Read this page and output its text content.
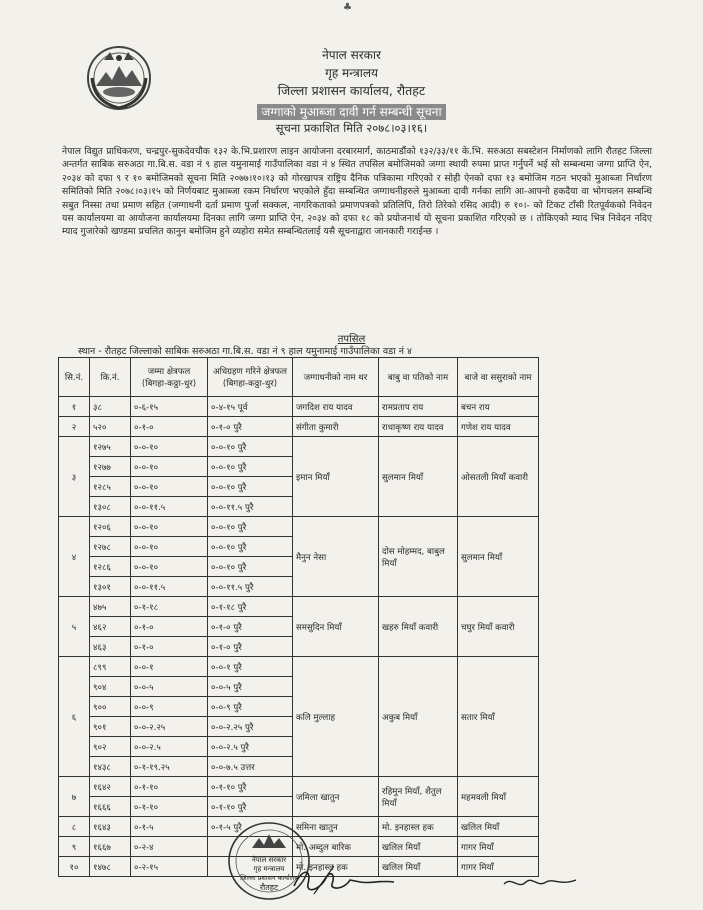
♣
नेपाल सरकार
गृह मन्त्रालय
जिल्ला प्रशासन कार्यालय, रौतहट
जग्गाको मुआब्जा दावी गर्न सम्बन्धी सूचना
सूचना प्रकाशित मिति २०७८।०३।१६।
नेपाल विद्युत प्राधिकरण, चन्द्रपुर-सुकदेवचौक १३२ के.भि.प्रशारण लाइन आयोजना दरबारमार्ग, काठमाडौंको १३२/३३/११ के.भि. सरुअठा सबस्टेशन निर्माणको लागि रौतहट जिल्ला अन्तर्गत साबिक सरुअठा गा.बि.स. वडा नं ९ हाल यमुनामाई गाउँपालिका वडा नं ४ स्थित तपसिल बमोजिमको जग्गा स्थायी रुपमा प्राप्त गर्नुपर्ने भई सो सम्बन्धमा जग्गा प्राप्ति ऐन, २०३४ को दफा ९ र १० बमोजिमको सूचना मिति २०७७।१०।१३ को गोरखापत्र राष्ट्रिय दैनिक पत्रिकामा गरिएको र सोही ऐनको दफा १३ बमोजिम गठन भएको मुआब्जा निर्धारण समितिको मिति २०७८।०३।१५ को निर्णयबाट मुआब्जा रकम निर्धारण भएकोले हुँदा सम्बन्धित जग्गाधनीहरुले मुआब्जा दावी गर्नका लागि आ-आफ्नो हकदैया वा भोगचलन सम्बन्धि सबुत निस्सा तथा प्रमाण सहित (जग्गाधनी दर्ता प्रमाण पुर्जा सक्कल, नागरिकताको प्रमाणपत्रको प्रतिलिपि, तिरो तिरेको रसिद आदी) रु १०।- को टिकट टाँसी रितपूर्वकको निवेदन यस कार्यालयमा वा आयोजना कार्यालयमा दिनका लागि जग्गा प्राप्ति ऐन, २०३४ को दफा १८ को प्रयोजनार्थ यो सूचना प्रकाशित गरिएको छ । तोकिएको म्याद भित्र निवेदन नदिए म्याद गुजारेको खण्डमा प्रचलित कानुन बमोजिम हुने व्यहोरा समेत सम्बन्धितलाई यसै सूचनाद्वारा जानकारी गराईन्छ ।
तपसिल
स्थान - रौतहट जिल्लाको साबिक सरुअठा गा.बि.स. वडा नं ९ हाल यमुनामाई गाउँपालिका वडा नं ४
सि.नं.	कि.नं.	जम्मा क्षेत्रफल (बिगहा-कठ्ठा-धुर)	अधिग्रहण गरिने क्षेत्रफल (बिगहा-कठ्ठा-धुर)	जग्गाधनीको नाम थर	बाबु वा पतिको नाम	बाजे वा ससुराको नाम
१	३८	०-६-१५	०-४-१५ पूर्व	जगदिश राय यादव	रामप्रताप राय	बचन राय
२	५२०	०-१-०	०-१-० पुरै	संगीता कुमारी	राधाकृष्ण राय यादव	गणेश राय यादव
३	१२७५	०-०-१०	०-०-१० पुरै	इमान मियाँ	सुलमान मियाँ	ओसतली मियाँ कवारी
	१२७७	०-०-१०	०-०-१० पुरै			
	१२८५	०-०-१०	०-०-१० पुरै			
	१३०८	०-०-११.५	०-०-११.५ पुरै			
४	१२०६	०-०-१०	०-०-१० पुरै	मैनुन नेसा	दोस मोहम्मद, बाबुल मियाँ	सुलमान मियाँ
	१२७८	०-०-१०	०-०-१० पुरै			
	१२८६	०-०-१०	०-०-१० पुरै			
	१३०१	०-०-११.५	०-०-११.५ पुरै			
५	४७५	०-१-१८	०-१-१८ पुरै	समसुदिन मियाँ	खहरु मियाँ कवारी	चघुर मियाँ कवारी
	४६२	०-१-०	०-१-० पुरै			
	४६३	०-१-०	०-१-० पुरै			
६	८९९	०-०-१	०-०-१ पुरै	कलि मुल्लाह	अकुब मियाँ	सतार मियाँ
	९०४	०-०-५	०-०-५ पुरै			
	९००	०-०-९	०-०-९ पुरै			
	९०१	०-०-२.२५	०-०-२.२५ पुरै			
	९०२	०-०-२.५	०-०-२.५ पुरै			
	१४३८	०-१-१९.२५	०-०-७.५ उत्तर			
७	१६४२	०-१-१०	०-१-१० पुरै	जमिला खातुन	रहिमुन मियाँ, शैतुल मियाँ	महमवली मियाँ
	१६६६	०-१-१०	०-१-१० पुरै			
८	१६४३	०-१-५	०-१-५ पुरै	समिना खातुन	मो. इनहास्ल हक	खलिल मियाँ
९	१६६७	०-२-४		मो. अब्दुल बारिक	खलिल मियाँ	गागर मियाँ
१०	१४७८	०-२-१५		मो. इनहास्ल हक	खलिल मियाँ	गागर मियाँ
नेपाल सरकार
गृह मन्त्रालय
जिल्ला प्रशासन कार्यालय
रौतहट
